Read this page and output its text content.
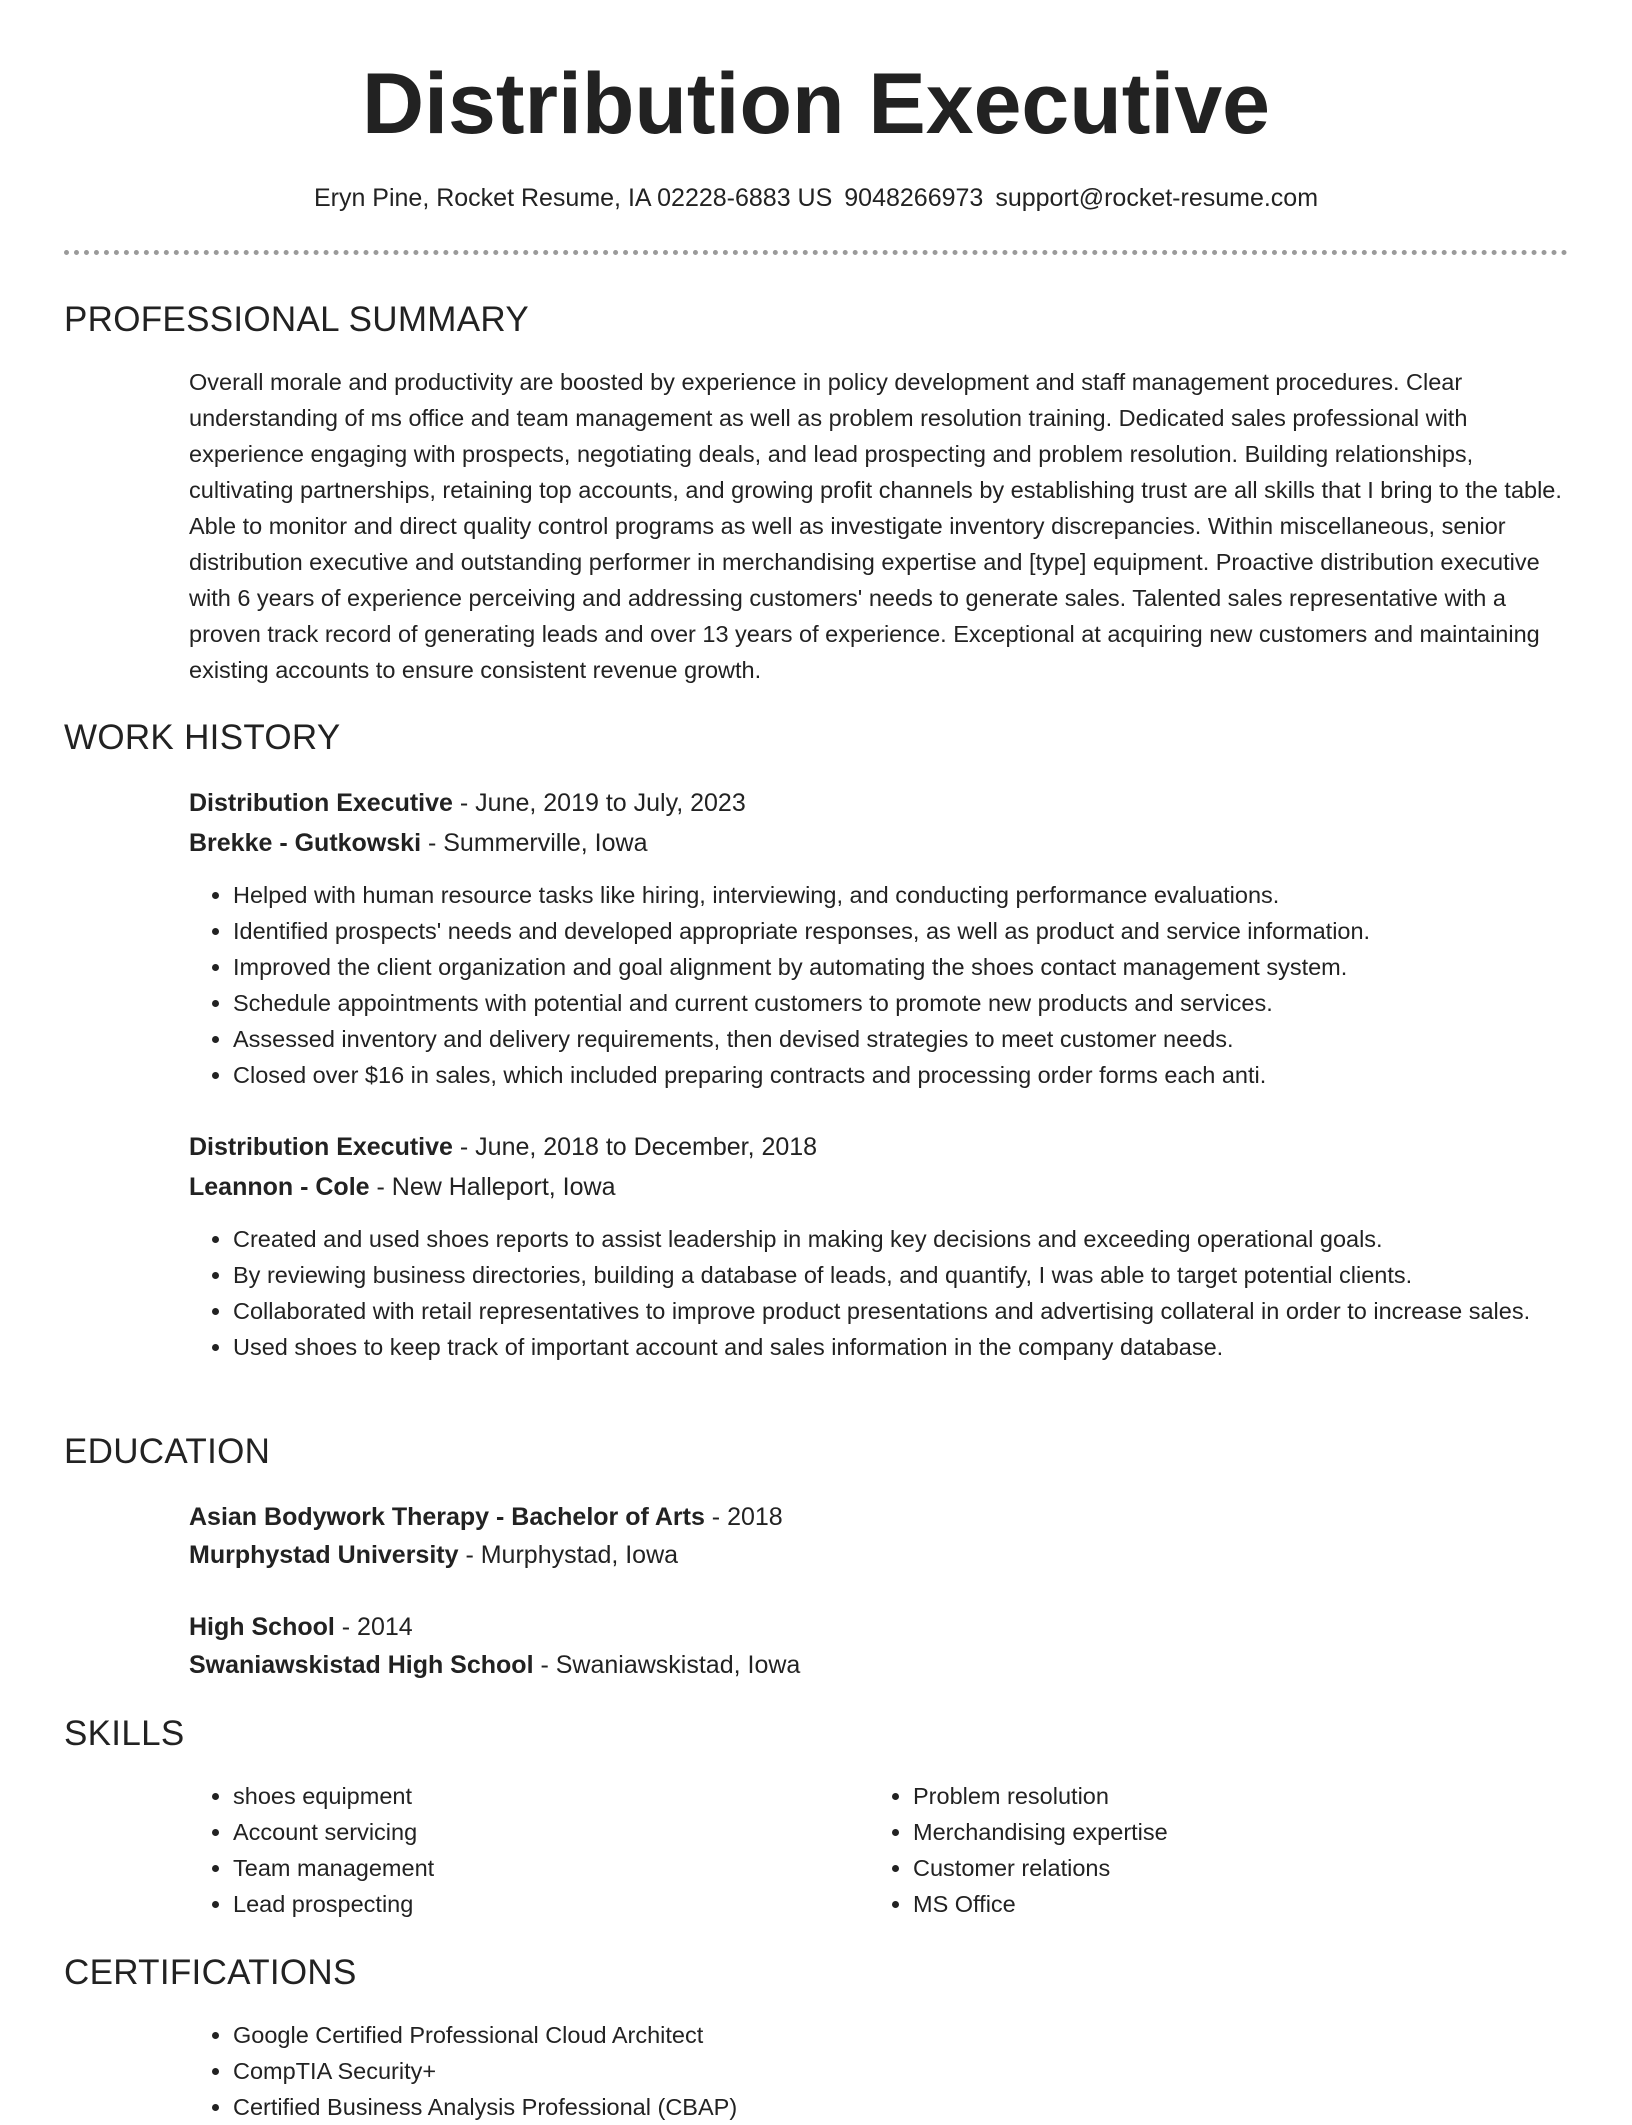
Distribution Executive
Eryn Pine, Rocket Resume, IA 02228-6883 US 9048266973 support@rocket-resume.com
PROFESSIONAL SUMMARY

Overall morale and productivity are boosted by experience in policy development and staff management procedures. Clear understanding of ms office and team management as well as problem resolution training. Dedicated sales professional with experience engaging with prospects, negotiating deals, and lead prospecting and problem resolution. Building relationships, cultivating partnerships, retaining top accounts, and growing profit channels by establishing trust are all skills that I bring to the table. Able to monitor and direct quality control programs as well as investigate inventory discrepancies. Within miscellaneous, senior distribution executive and outstanding performer in merchandising expertise and [type] equipment. Proactive distribution executive with 6 years of experience perceiving and addressing customers' needs to generate sales. Talented sales representative with a proven track record of generating leads and over 13 years of experience. Exceptional at acquiring new customers and maintaining existing accounts to ensure consistent revenue growth.

WORK HISTORY
Distribution Executive - June, 2019 to July, 2023
Brekke - Gutkowski - Summerville, Iowa
• Helped with human resource tasks like hiring, interviewing, and conducting performance evaluations.
• Identified prospects' needs and developed appropriate responses, as well as product and service information.
• Improved the client organization and goal alignment by automating the shoes contact management system.
• Schedule appointments with potential and current customers to promote new products and services.
• Assessed inventory and delivery requirements, then devised strategies to meet customer needs.
• Closed over $16 in sales, which included preparing contracts and processing order forms each anti.
Distribution Executive - June, 2018 to December, 2018
Leannon - Cole - New Halleport, Iowa
• Created and used shoes reports to assist leadership in making key decisions and exceeding operational goals.
• By reviewing business directories, building a database of leads, and quantify, I was able to target potential clients.
• Collaborated with retail representatives to improve product presentations and advertising collateral in order to increase sales.
• Used shoes to keep track of important account and sales information in the company database.
EDUCATION
Asian Bodywork Therapy - Bachelor of Arts - 2018
Murphystad University - Murphystad, Iowa
High School - 2014
Swaniawskistad High School - Swaniawskistad, Iowa
SKILLS
• shoes equipment
• Account servicing
• Team management
• Lead prospecting
• Problem resolution
• Merchandising expertise
• Customer relations
• MS Office
CERTIFICATIONS
• Google Certified Professional Cloud Architect
• CompTIA Security+
• Certified Business Analysis Professional (CBAP)
